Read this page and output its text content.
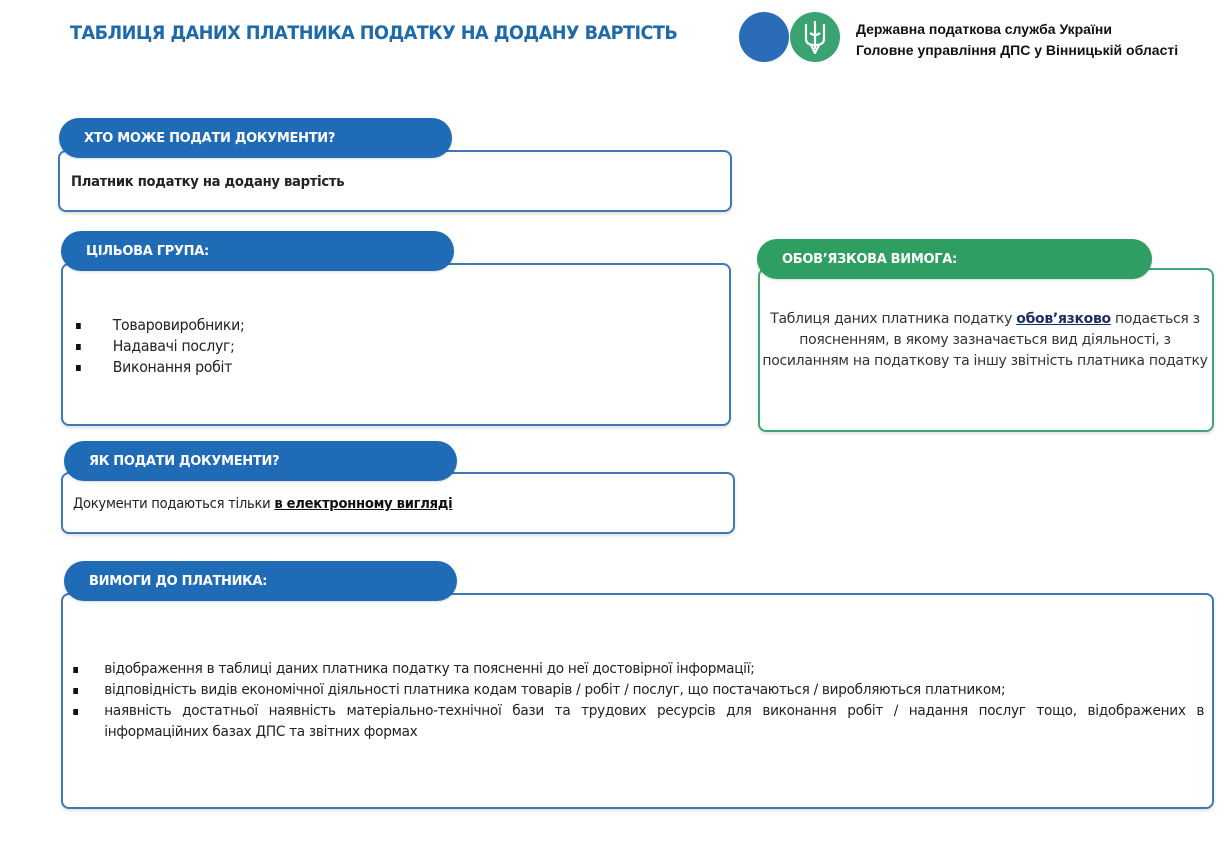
ТАБЛИЦЯ ДАНИХ ПЛАТНИКА ПОДАТКУ НА ДОДАНУ ВАРТІСТЬ	Державна податкова служба України
Головне управління ДПС у Вінницькій області
ХТО МОЖЕ ПОДАТИ ДОКУМЕНТИ?
Платник податку на додану вартість
ЦІЛЬОВА ГРУПА:
Товаровиробники;
Надавачі послуг;
Виконання робіт
ОБОВ’ЯЗКОВА ВИМОГА:
Таблиця даних платника податку обов’язково подається з поясненням, в якому зазначається вид діяльності, з посиланням на податкову та іншу звітність платника податку
ЯК ПОДАТИ ДОКУМЕНТИ?
Документи подаються тільки в електронному вигляді
ВИМОГИ ДО ПЛАТНИКА:
відображення в таблиці даних платника податку та поясненні до неї достовірної інформації;
відповідність видів економічної діяльності платника кодам товарів / робіт / послуг, що постачаються / виробляються платником;
наявність достатньої наявність матеріально-технічної бази та трудових ресурсів для виконання робіт / надання послуг тощо, відображених в інформаційних базах ДПС та звітних формах
